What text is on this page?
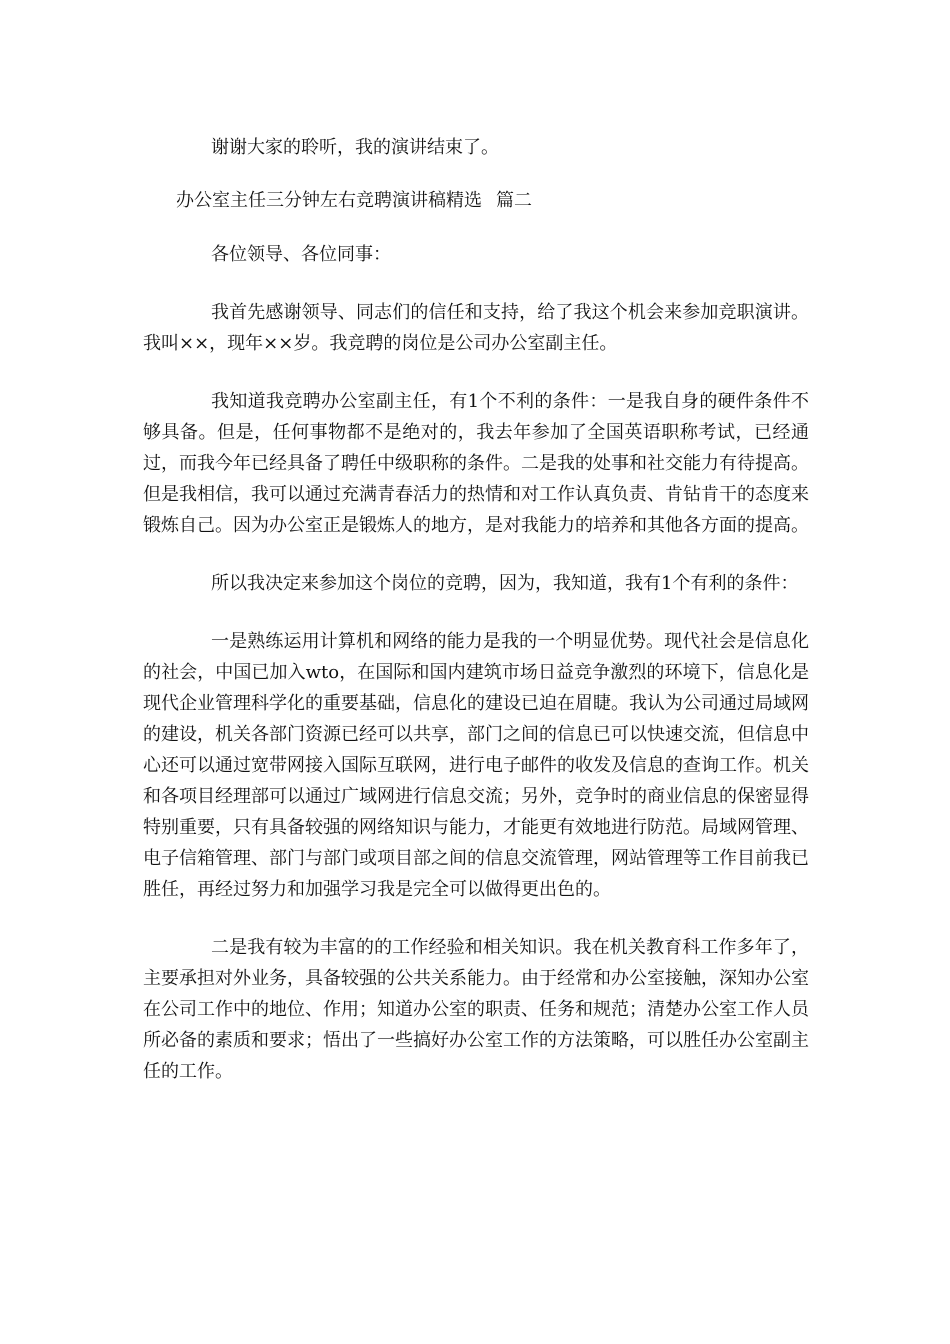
谢谢大家的聆听，我的演讲结束了。

办公室主任三分钟左右竞聘演讲稿精选 篇二

各位领导、各位同事：

我首先感谢领导、同志们的信任和支持，给了我这个机会来参加竞职演讲。我叫××，现年××岁。我竞聘的岗位是公司办公室副主任。

我知道我竞聘办公室副主任，有1个不利的条件：一是我自身的硬件条件不够具备。但是，任何事物都不是绝对的，我去年参加了全国英语职称考试，已经通过，而我今年已经具备了聘任中级职称的条件。二是我的处事和社交能力有待提高。但是我相信，我可以通过充满青春活力的热情和对工作认真负责、肯钻肯干的态度来锻炼自己。因为办公室正是锻炼人的地方，是对我能力的培养和其他各方面的提高。

所以我决定来参加这个岗位的竞聘，因为，我知道，我有1个有利的条件：

一是熟练运用计算机和网络的能力是我的一个明显优势。现代社会是信息化的社会，中国已加入wto，在国际和国内建筑市场日益竞争激烈的环境下，信息化是现代企业管理科学化的重要基础，信息化的建设已迫在眉睫。我认为公司通过局域网的建设，机关各部门资源已经可以共享，部门之间的信息已可以快速交流，但信息中心还可以通过宽带网接入国际互联网，进行电子邮件的收发及信息的查询工作。机关和各项目经理部可以通过广域网进行信息交流；另外，竞争时的商业信息的保密显得特别重要，只有具备较强的网络知识与能力，才能更有效地进行防范。局域网管理、电子信箱管理、部门与部门或项目部之间的信息交流管理，网站管理等工作目前我已胜任，再经过努力和加强学习我是完全可以做得更出色的。

二是我有较为丰富的的工作经验和相关知识。我在机关教育科工作多年了，主要承担对外业务，具备较强的公共关系能力。由于经常和办公室接触，深知办公室在公司工作中的地位、作用；知道办公室的职责、任务和规范；清楚办公室工作人员所必备的素质和要求；悟出了一些搞好办公室工作的方法策略，可以胜任办公室副主任的工作。
